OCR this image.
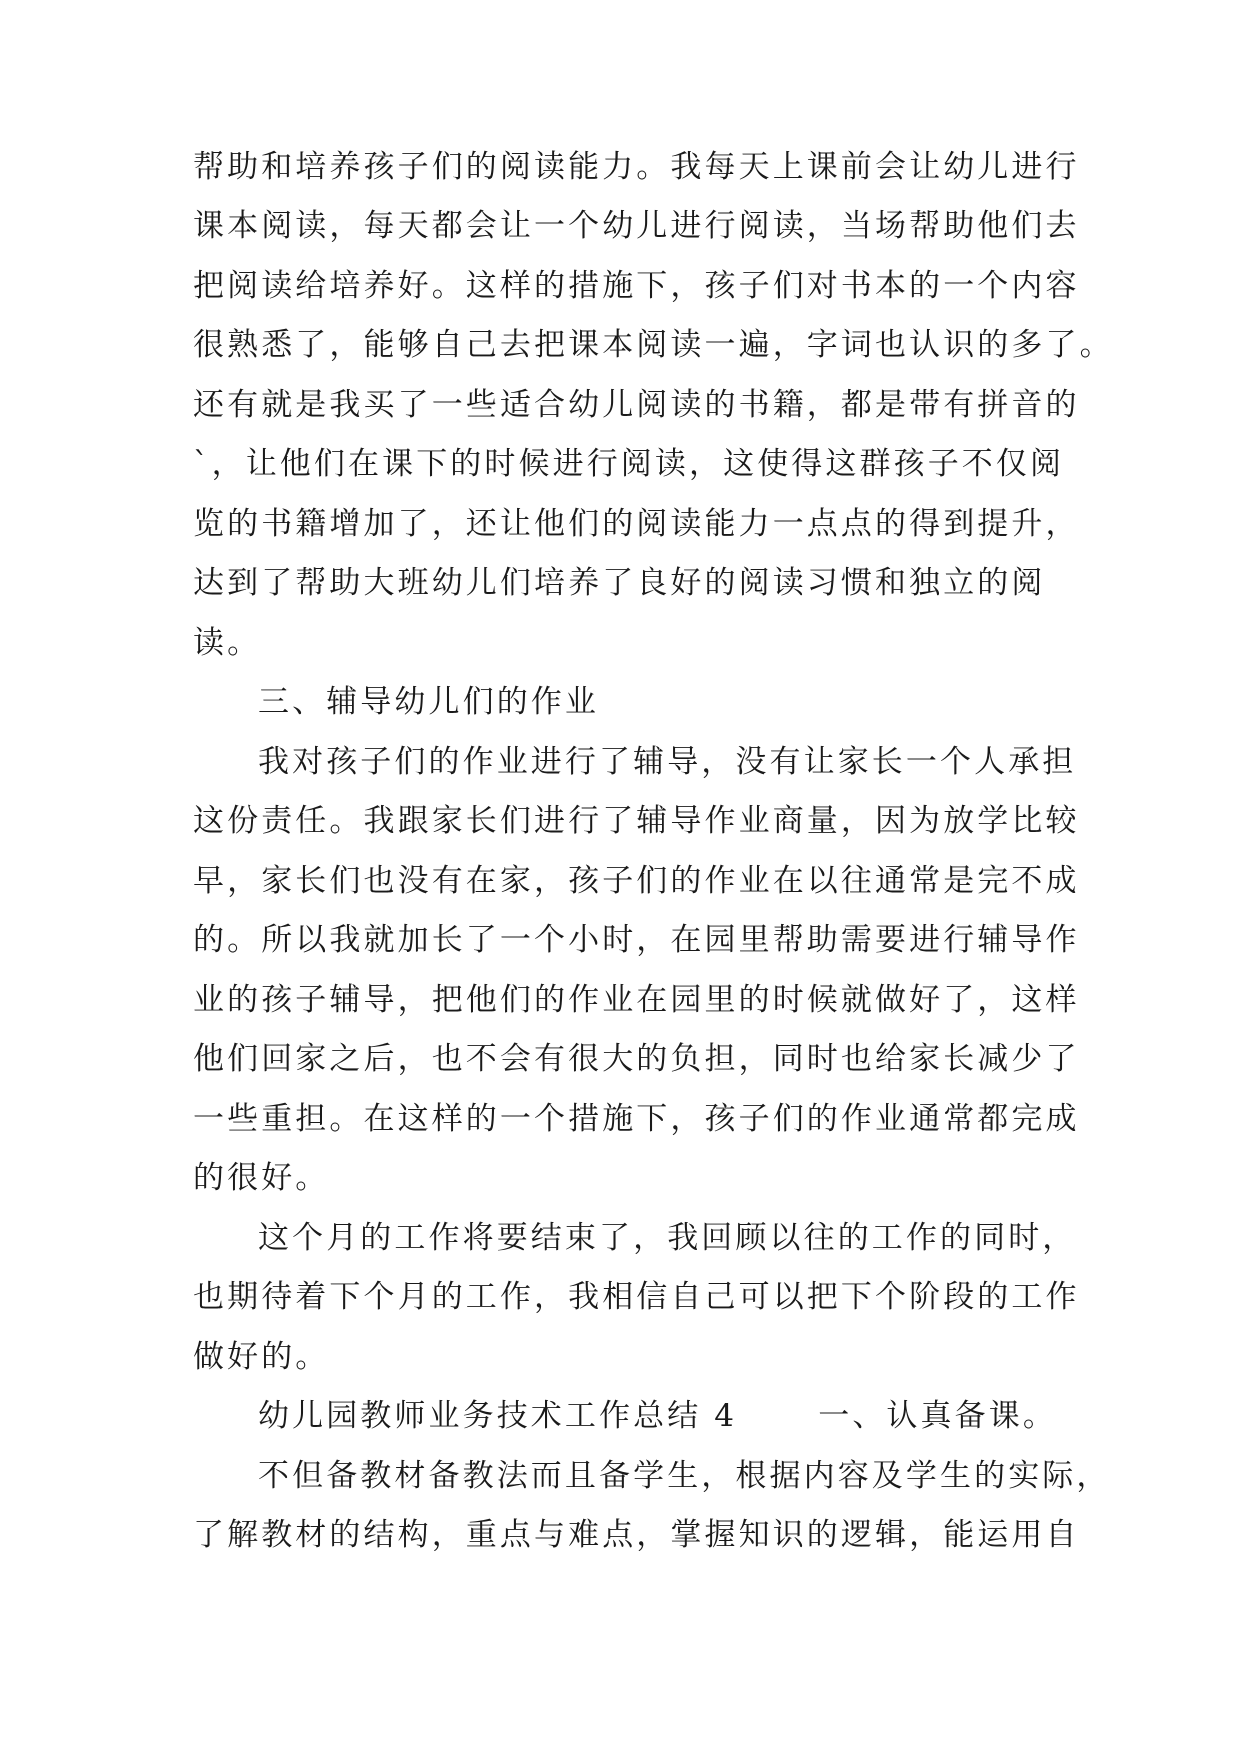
帮助和培养孩子们的阅读能力。我每天上课前会让幼儿进行
课本阅读，每天都会让一个幼儿进行阅读，当场帮助他们去
把阅读给培养好。这样的措施下，孩子们对书本的一个内容
很熟悉了，能够自己去把课本阅读一遍，字词也认识的多了。
还有就是我买了一些适合幼儿阅读的书籍，都是带有拼音的
`，让他们在课下的时候进行阅读，这使得这群孩子不仅阅
览的书籍增加了，还让他们的阅读能力一点点的得到提升，
达到了帮助大班幼儿们培养了良好的阅读习惯和独立的阅
读。
三、辅导幼儿们的作业
我对孩子们的作业进行了辅导，没有让家长一个人承担
这份责任。我跟家长们进行了辅导作业商量，因为放学比较
早，家长们也没有在家，孩子们的作业在以往通常是完不成
的。所以我就加长了一个小时，在园里帮助需要进行辅导作
业的孩子辅导，把他们的作业在园里的时候就做好了，这样
他们回家之后，也不会有很大的负担，同时也给家长减少了
一些重担。在这样的一个措施下，孩子们的作业通常都完成
的很好。
这个月的工作将要结束了，我回顾以往的工作的同时，
也期待着下个月的工作，我相信自己可以把下个阶段的工作
做好的。
幼儿园教师业务技术工作总结 4　　 一、认真备课。
不但备教材备教法而且备学生，根据内容及学生的实际，
了解教材的结构，重点与难点，掌握知识的逻辑，能运用自
